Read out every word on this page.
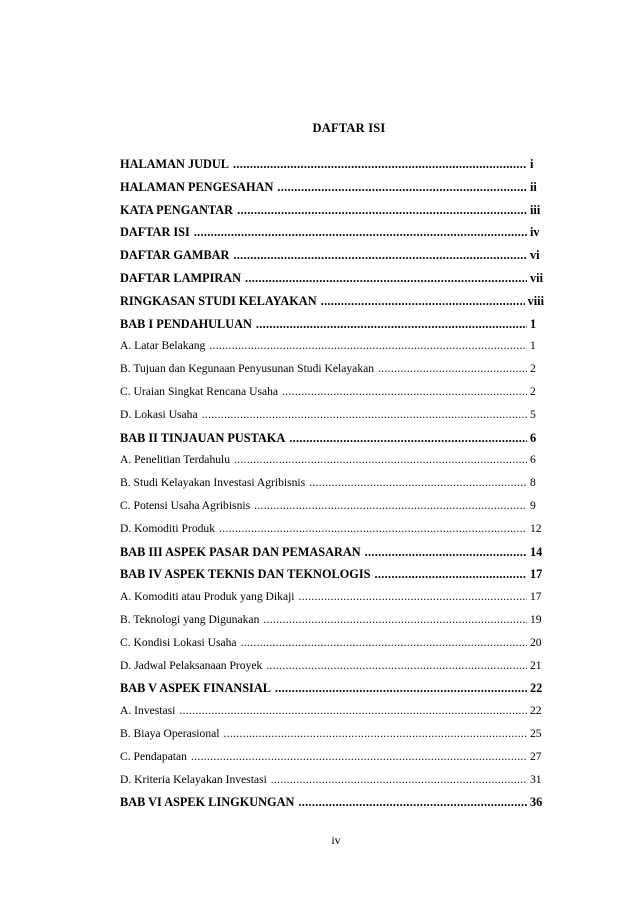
DAFTAR ISI
HALAMAN JUDUL .....	i
HALAMAN PENGESAHAN .....	ii
KATA PENGANTAR .....	iii
DAFTAR ISI .....	iv
DAFTAR GAMBAR .....	vi
DAFTAR LAMPIRAN .....	vii
RINGKASAN STUDI KELAYAKAN .....	viii
BAB I PENDAHULUAN .....	1
A. Latar Belakang .....	1
B. Tujuan dan Kegunaan Penyusunan Studi Kelayakan .....	2
C. Uraian Singkat Rencana Usaha .....	2
D. Lokasi Usaha .....	5
BAB II TINJAUAN PUSTAKA .....	6
A. Penelitian Terdahulu .....	6
B. Studi Kelayakan Investasi Agribisnis .....	8
C. Potensi Usaha Agribisnis .....	9
D. Komoditi Produk .....	12
BAB III ASPEK PASAR DAN PEMASARAN .....	14
BAB IV ASPEK TEKNIS DAN TEKNOLOGIS .....	17
A. Komoditi atau Produk yang Dikaji .....	17
B. Teknologi yang Digunakan .....	19
C. Kondisi Lokasi Usaha .....	20
D. Jadwal Pelaksanaan Proyek .....	21
BAB V ASPEK FINANSIAL .....	22
A. Investasi .....	22
B. Biaya Operasional .....	25
C. Pendapatan .....	27
D. Kriteria Kelayakan Investasi .....	31
BAB VI ASPEK LINGKUNGAN .....	36
iv
